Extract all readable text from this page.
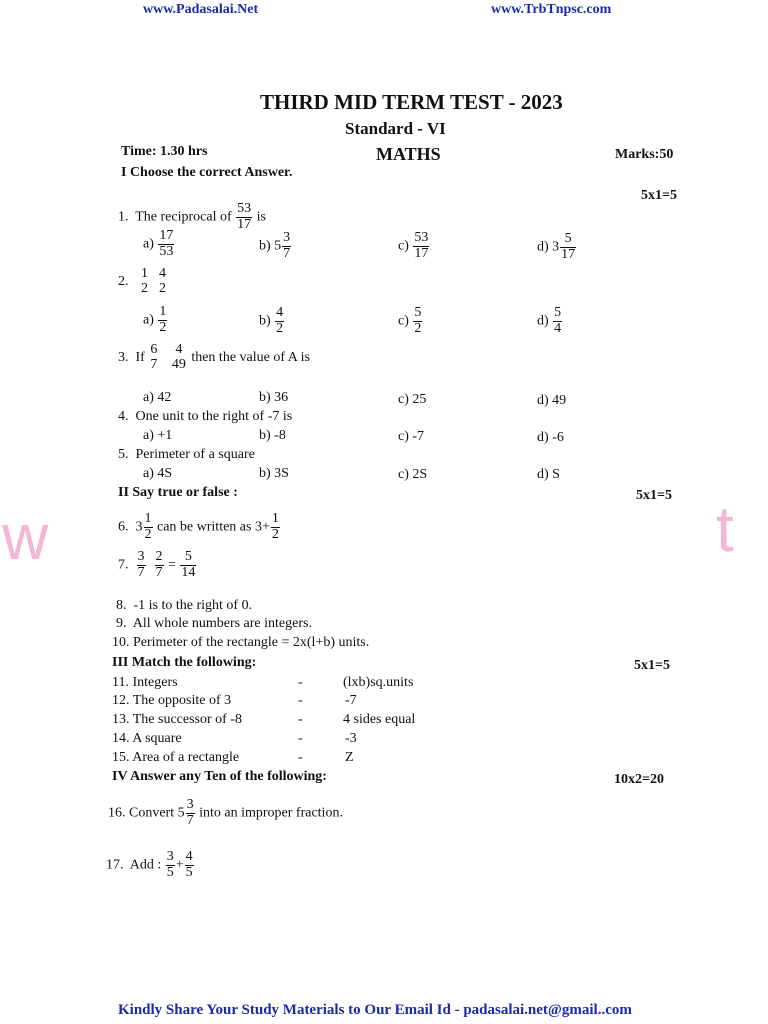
www.Padasalai.Net	www.TrbTnpsc.com
w	t
THIRD MID TERM TEST - 2023
Standard - VI
MATHS
Time: 1.30 hrs	Marks:50
I Choose the correct Answer.
5x1=5
1. The reciprocal of $\frac{53}{17}$ is
$a) \frac{17}{53}$	b) $5 \frac{3}{7}$	$c) \frac{53}{17}$	d) $3 \frac{5}{17}$
2.
1
2

4
2
$a) \frac{1}{2}$	$b) \frac{4}{2}$	$c) \frac{5}{2}$	$d) \frac{5}{4}$
3. If
6
7

4
49 then the value of A is
a) 42	b) 36	c) 25	d) 49
4. One unit to the right of -7 is
a) +1	b) -8	c) -7	d) -6
5. Perimeter of a square
a) 4S	b) 3S	c) 2S	d) S
II Say true or false :	5x1=5
6. $3 \frac{1}{2}$ can be written as $3+ \frac{1}{2}$
7. $\frac{3}{7}$
$\frac{2}{7} = \frac{5}{14}$
8. -1 is to the right of 0.
9. All whole numbers are integers.
10. Perimeter of the rectangle = 2x(l+b) units.
III Match the following:	5x1=5
11. Integers	-	(lxb)sq.units
12. The opposite of 3	-	-7
13. The successor of -8	-	4 sides equal
14. A square	-	-3
15. Area of a rectangle	-	Z
IV Answer any Ten of the following:	10x2=20
16. Convert $5 \frac{3}{7}$ into an improper fraction.
17. Add : $\frac{3}{5} + \frac{4}{5}$
Kindly Share Your Study Materials to Our Email Id - padasalai.net@gmail..com
